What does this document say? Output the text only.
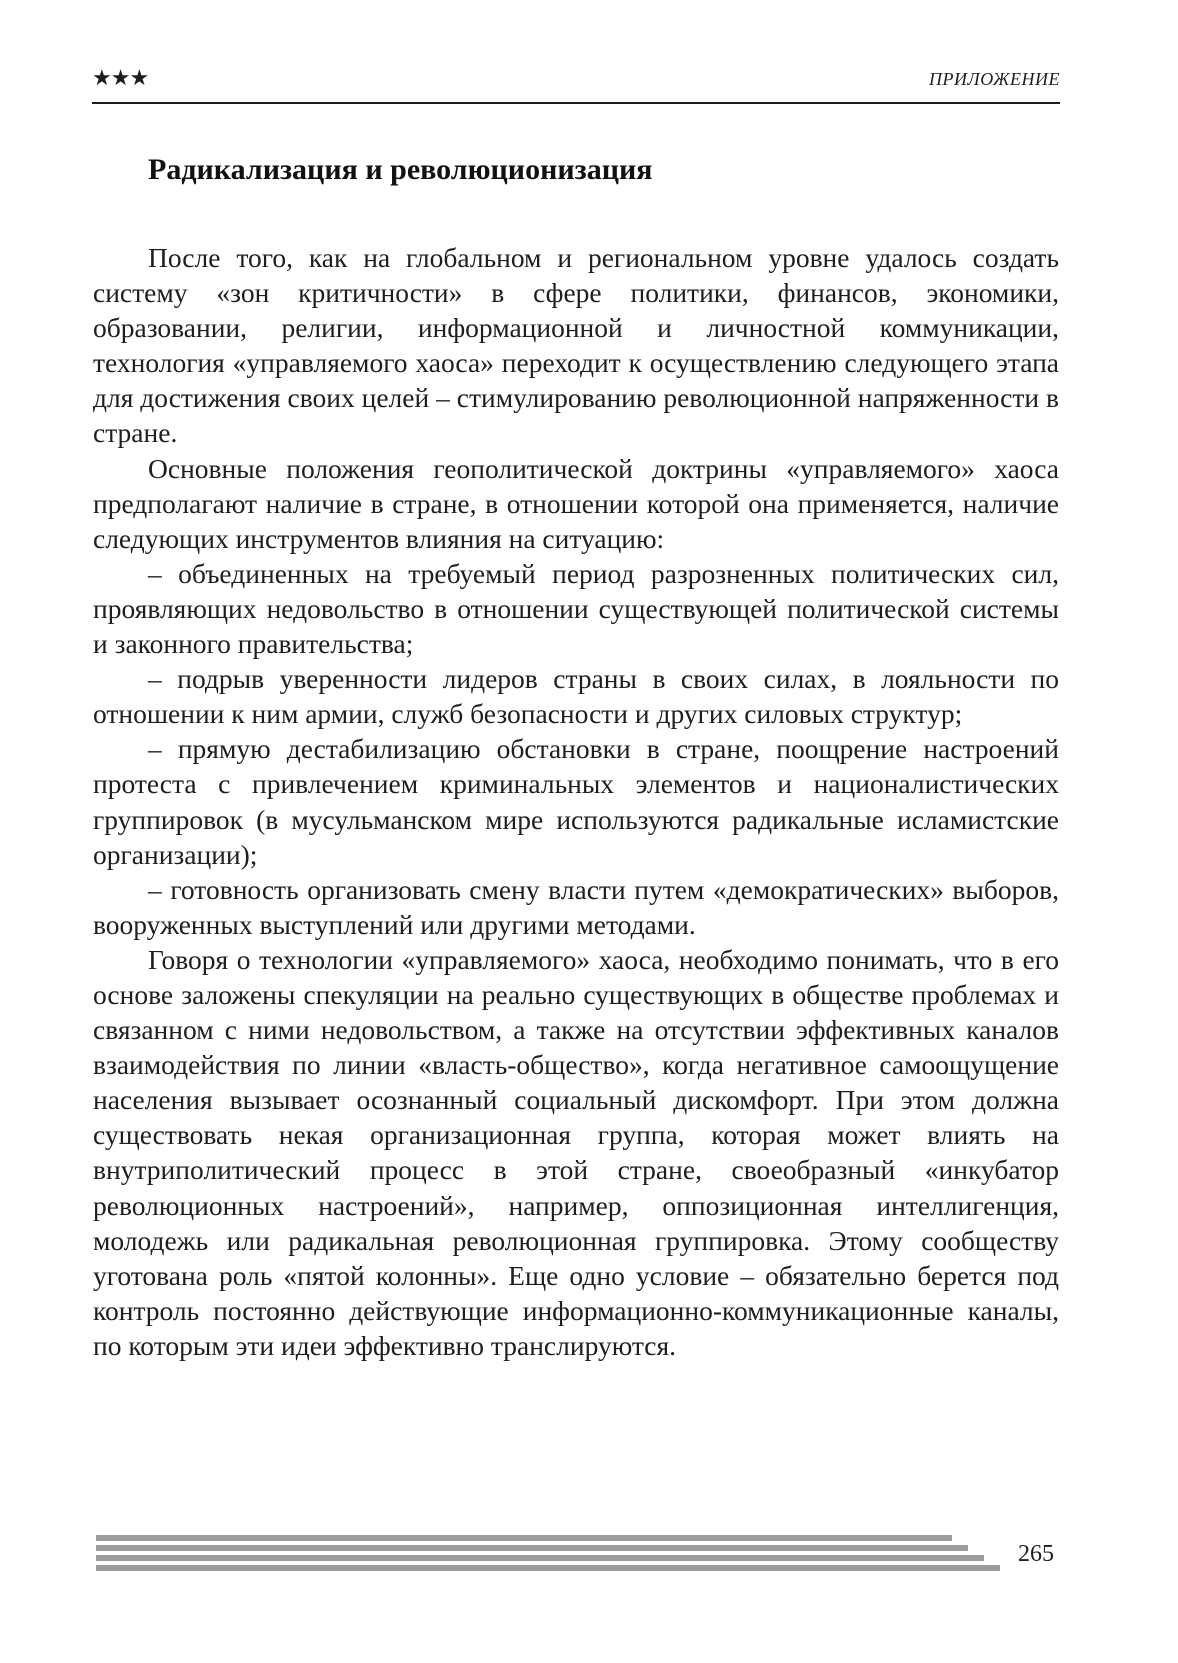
★★★	ПРИЛОЖЕНИЕ
Радикализация и революционизация

После того, как на глобальном и региональном уровне удалось создать систему «зон критичности» в сфере политики, финансов, экономики, образовании, религии, информационной и личностной коммуникации, технология «управляемого хаоса» переходит к осуществлению следующего этапа для достижения своих целей – стимулированию революционной напряженности в стране.

Основные положения геополитической доктрины «управляемого» хаоса предполагают наличие в стране, в отношении которой она применяется, наличие следующих инструментов влияния на ситуацию:

– объединенных на требуемый период разрозненных политических сил, проявляющих недовольство в отношении существующей политической системы и законного правительства;

– подрыв уверенности лидеров страны в своих силах, в лояльности по отношении к ним армии, служб безопасности и других силовых структур;

– прямую дестабилизацию обстановки в стране, поощрение настроений протеста с привлечением криминальных элементов и националистических группировок (в мусульманском мире используются радикальные исламистские организации);

– готовность организовать смену власти путем «демократических» выборов, вооруженных выступлений или другими методами.

Говоря о технологии «управляемого» хаоса, необходимо понимать, что в его основе заложены спекуляции на реально существующих в обществе проблемах и связанном с ними недовольством, а также на отсутствии эффективных каналов взаимодействия по линии «власть-общество», когда негативное самоощущение населения вызывает осознанный социальный дискомфорт. При этом должна существовать некая организационная группа, которая может влиять на внутриполитический процесс в этой стране, своеобразный «инкубатор революционных настроений», например, оппозиционная интеллигенция, молодежь или радикальная революционная группировка. Этому сообществу уготована роль «пятой колонны». Еще одно условие – обязательно берется под контроль постоянно действующие информационно-коммуникационные каналы, по которым эти идеи эффективно транслируются.

265
